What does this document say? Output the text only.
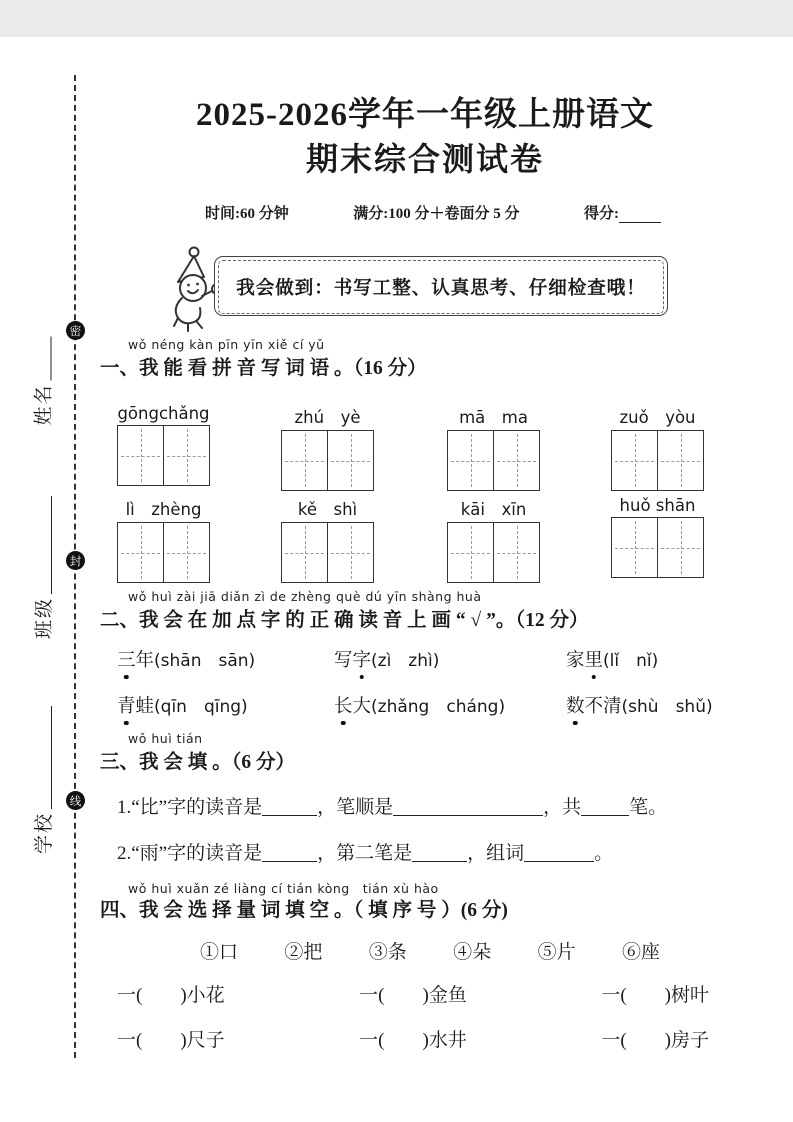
密
封
线
姓名
班级
学校
2025-2026学年一年级上册语文
期末综合测试卷
时间:60 分钟	满分:100 分＋卷面分 5 分	得分:
我会做到：书写工整、认真思考、仔细检查哦！
wǒ néng kàn pīn yīn xiě cí yǔ
一、我 能 看 拼 音 写 词 语 。（16 分）
gōngchǎng	zhú　yè	mā　ma	zuǒ　yòu
lì　zhèng	kě　shì	kāi　xīn	huǒ shān
wǒ huì zài jiā diǎn zì de zhèng què dú yīn shàng huà
二、我 会 在 加 点 字 的 正 确 读 音 上 画 “ √ ”。（12 分）
三年(shān　sān)	写字(zì　zhì)	家里(lǐ　nǐ)
青蛙(qīn　qīng)	长大(zhǎng　cháng)	数不清(shù　shǔ)
wǒ huì tián
三、我 会 填 。（6 分）
1.“比”字的读音是	，笔顺是	，共	笔。
2.“雨”字的读音是	，第二笔是	，组词	。
wǒ huì xuǎn zé liàng cí tián kòng　tián xù hào
四、我 会 选 择 量 词 填 空 。（ 填 序 号 ）(6 分)
①口 ②把 ③条 ④朵 ⑤片 ⑥座
一(　　)小花	一(　　)金鱼	一(　　)树叶
一(　　)尺子	一(　　)水井	一(　　)房子
